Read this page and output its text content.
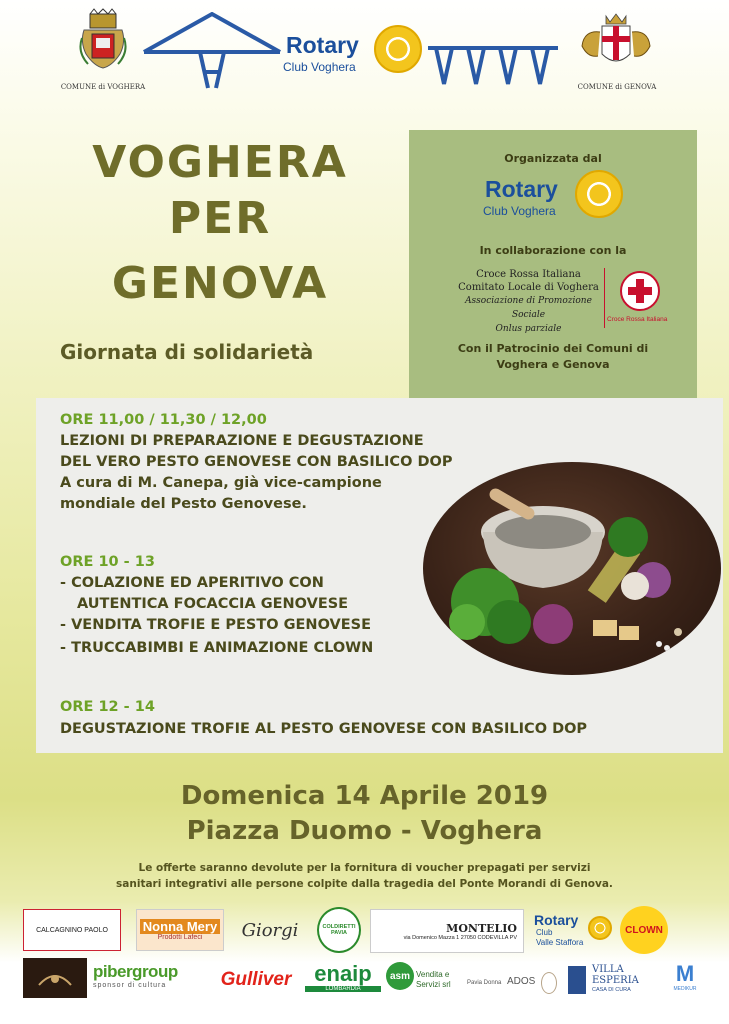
COMUNE di VOGHERA
Rotary
Club Voghera
COMUNE di GENOVA
VOGHERA
PER
GENOVA
Giornata di solidarietà
Organizzata dal
Rotary
Club Voghera
In collaborazione con la
Croce Rossa Italiana
Comitato Locale di Voghera
Associazione di Promozione Sociale
Onlus parziale
Croce Rossa Italiana
Con il Patrocinio dei Comuni di
Voghera e Genova
ORE 11,00 / 11,30 / 12,00
LEZIONI DI PREPARAZIONE E DEGUSTAZIONE
DEL VERO PESTO GENOVESE CON BASILICO DOP
A cura di M. Canepa, già vice-campione
mondiale del Pesto Genovese.
ORE 10 - 13
- COLAZIONE ED APERITIVO CON
AUTENTICA FOCACCIA GENOVESE
- VENDITA TROFIE E PESTO GENOVESE
- TRUCCABIMBI E ANIMAZIONE CLOWN
ORE 12 - 14
DEGUSTAZIONE TROFIE AL PESTO GENOVESE CON BASILICO DOP
Domenica 14 Aprile 2019
Piazza Duomo - Voghera
Le offerte saranno devolute per la fornitura di voucher prepagati per servizi
sanitari integrativi alle persone colpite dalla tragedia del Ponte Morandi di Genova.
CALCAGNINO PAOLO	Nonna Mery
Prodotti Lafeci Giorgi	COLDIRETTI PAVIA	MONTELIO
via Domenico Mazza 1 27050 CODEVILLA PV
Rotary
Club
Valle Staffora
CLOWN
pibergroup
sponsor di cultura	Gulliver	enaip
LOMBARDIA
asm Vendita e Servizi srl	Pavia Donna ADOS
VILLA
ESPERIA
CASA DI CURA
M
MEDIKUR
